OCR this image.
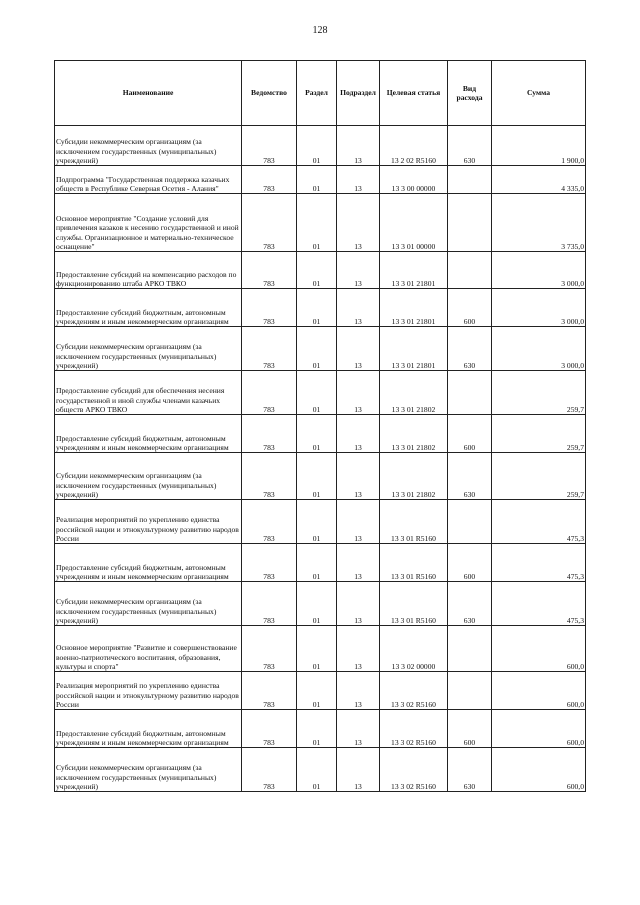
128
Наименование	Ведомство	Раздел	Подраздел	Целевая статья	Вид расхода	Сумма
Субсидии некоммерческим организациям (за исключением государственных (муниципальных) учреждений)	783	01	13	13 2 02 R5160	630	1 900,0
Подпрограмма "Государственная поддержка казачьих обществ в Республике Северная Осетия - Алания"	783	01	13	13 3 00 00000		4 335,0
Основное мероприятие "Создание условий для привлечения казаков к несению государственной и иной службы. Организационное и материально-техническое оснащение"	783	01	13	13 3 01 00000		3 735,0
Предоставление субсидий на компенсацию расходов по функционированию штаба АРКО ТВКО	783	01	13	13 3 01 21801		3 000,0
Предоставление субсидий бюджетным, автономным учреждениям и иным некоммерческим организациям	783	01	13	13 3 01 21801	600	3 000,0
Субсидии некоммерческим организациям (за исключением государственных (муниципальных) учреждений)	783	01	13	13 3 01 21801	630	3 000,0
Предоставление субсидий для обеспечения несения государственной и иной службы членами казачьих обществ АРКО ТВКО	783	01	13	13 3 01 21802		259,7
Предоставление субсидий бюджетным, автономным учреждениям и иным некоммерческим организациям	783	01	13	13 3 01 21802	600	259,7
Субсидии некоммерческим организациям (за исключением государственных (муниципальных) учреждений)	783	01	13	13 3 01 21802	630	259,7
Реализация мероприятий по укреплению единства российской нации и этнокультурному развитию народов России	783	01	13	13 3 01 R5160		475,3
Предоставление субсидий бюджетным, автономным учреждениям и иным некоммерческим организациям	783	01	13	13 3 01 R5160	600	475,3
Субсидии некоммерческим организациям (за исключением государственных (муниципальных) учреждений)	783	01	13	13 3 01 R5160	630	475,3
Основное мероприятие "Развитие и совершенствование военно-патриотического воспитания, образования, культуры и спорта"	783	01	13	13 3 02 00000		600,0
Реализация мероприятий по укреплению единства российской нации и этнокультурному развитию народов России	783	01	13	13 3 02 R5160		600,0
Предоставление субсидий бюджетным, автономным учреждениям и иным некоммерческим организациям	783	01	13	13 3 02 R5160	600	600,0
Субсидии некоммерческим организациям (за исключением государственных (муниципальных) учреждений)	783	01	13	13 3 02 R5160	630	600,0
